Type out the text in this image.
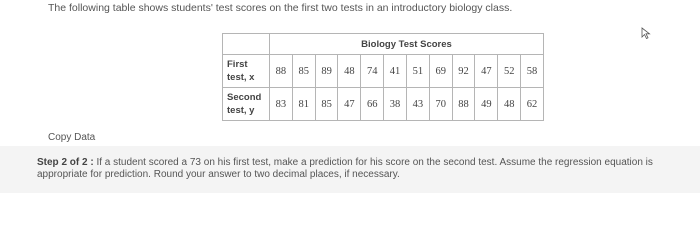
The following table shows students' test scores on the first two tests in an introductory biology class.
	Biology Test Scores											
First
test, x	88	85	89	48	74	41	51	69	92	47	52	58
Second
test, y	83	81	85	47	66	38	43	70	88	49	48	62
Copy Data
Step 2 of 2 : If a student scored a 73 on his first test, make a prediction for his score on the second test. Assume the regression equation is appropriate for prediction. Round your answer to two decimal places, if necessary.
